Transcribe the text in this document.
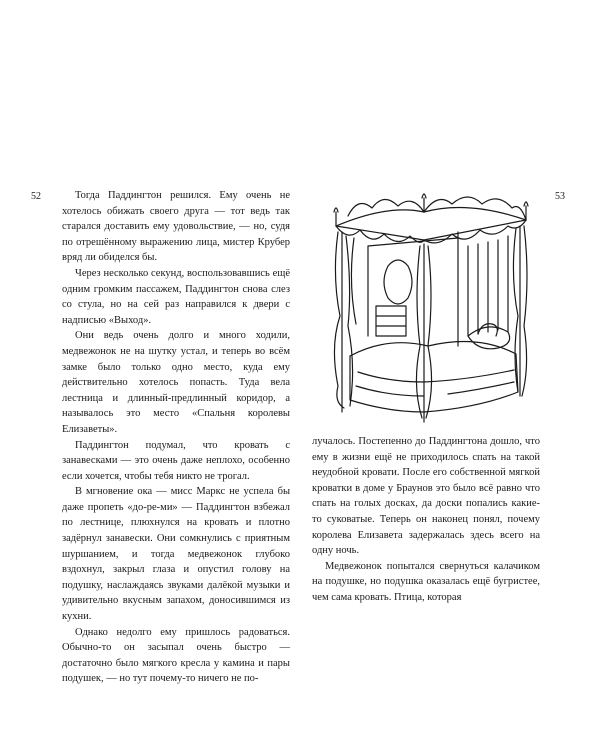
52	53

Тогда Паддингтон решился. Ему очень не хотелось обижать своего друга — тот ведь так старался доставить ему удовольствие, — но, судя по отрешённому выражению лица, мистер Крубер вряд ли обиделся бы.

Через несколько секунд, воспользовавшись ещё одним громким пассажем, Паддингтон снова слез со стула, но на сей раз направился к двери с надписью «Выход».

Они ведь очень долго и много ходили, медвежонок не на шутку устал, и теперь во всём замке было только одно место, куда ему действительно хотелось попасть. Туда вела лестница и длинный-предлинный коридор, а называлось это место «Спальня королевы Елизаветы».

Паддингтон подумал, что кровать с занавесками — это очень даже неплохо, особенно если хочется, чтобы тебя никто не трогал.

В мгновение ока — мисс Маркс не успела бы даже пропеть «до-ре-ми» — Паддингтон взбежал по лестнице, плюхнулся на кровать и плотно задёрнул занавески. Они сомкнулись с приятным шуршанием, и тогда медвежонок глубоко вздохнул, закрыл глаза и опустил голову на подушку, наслаждаясь звуками далёкой музыки и удивительно вкусным запахом, доносившимся из кухни.

Однако недолго ему пришлось радоваться. Обычно-то он засыпал очень быстро — достаточно было мягкого кресла у камина и пары подушек, — но тут почему-то ничего не по-

лучалось. Постепенно до Паддингтона дошло, что ему в жизни ещё не приходилось спать на такой неудобной кровати. После его собственной мягкой кроватки в доме у Браунов это было всё равно что спать на голых досках, да доски попались какие-то суковатые. Теперь он наконец понял, почему королева Елизавета задержалась здесь всего на одну ночь.

Медвежонок попытался свернуться калачиком на подушке, но подушка оказалась ещё бугристее, чем сама кровать. Птица, которая
